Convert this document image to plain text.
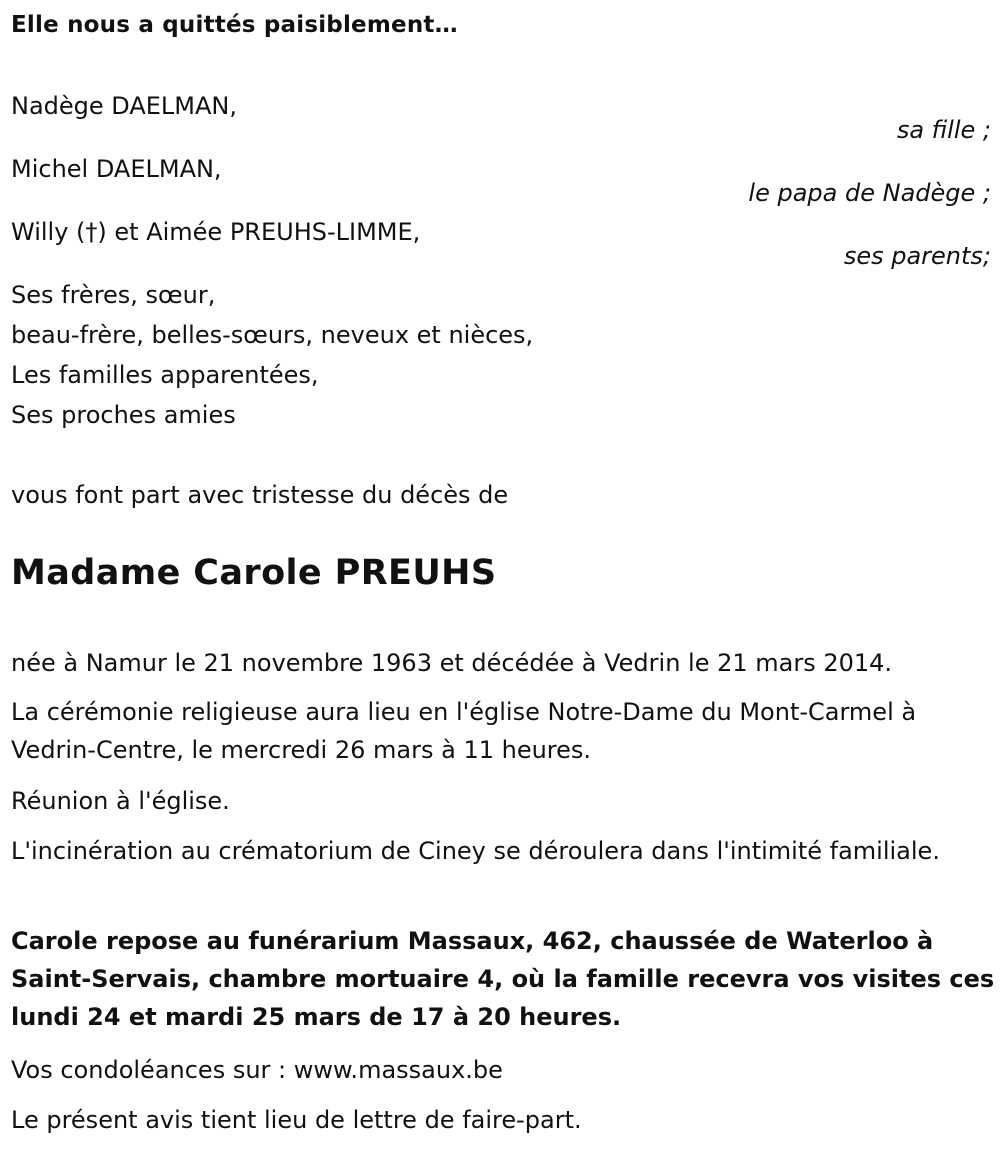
Elle nous a quittés paisiblement…
Nadège DAELMAN,
sa fille ;
Michel DAELMAN,
le papa de Nadège ;
Willy (†) et Aimée PREUHS-LIMME,
ses parents;
Ses frères, sœur,
beau-frère, belles-sœurs, neveux et nièces,
Les familles apparentées,
Ses proches amies
vous font part avec tristesse du décès de
Madame Carole PREUHS
née à Namur le 21 novembre 1963 et décédée à Vedrin le 21 mars 2014.
La cérémonie religieuse aura lieu en l'église Notre-Dame du Mont-Carmel à Vedrin-Centre, le mercredi 26 mars à 11 heures.
Réunion à l'église.
L'incinération au crématorium de Ciney se déroulera dans l'intimité familiale.
Carole repose au funérarium Massaux, 462, chaussée de Waterloo à Saint-Servais, chambre mortuaire 4, où la famille recevra vos visites ces lundi 24 et mardi 25 mars de 17 à 20 heures.
Vos condoléances sur : www.massaux.be
Le présent avis tient lieu de lettre de faire-part.
